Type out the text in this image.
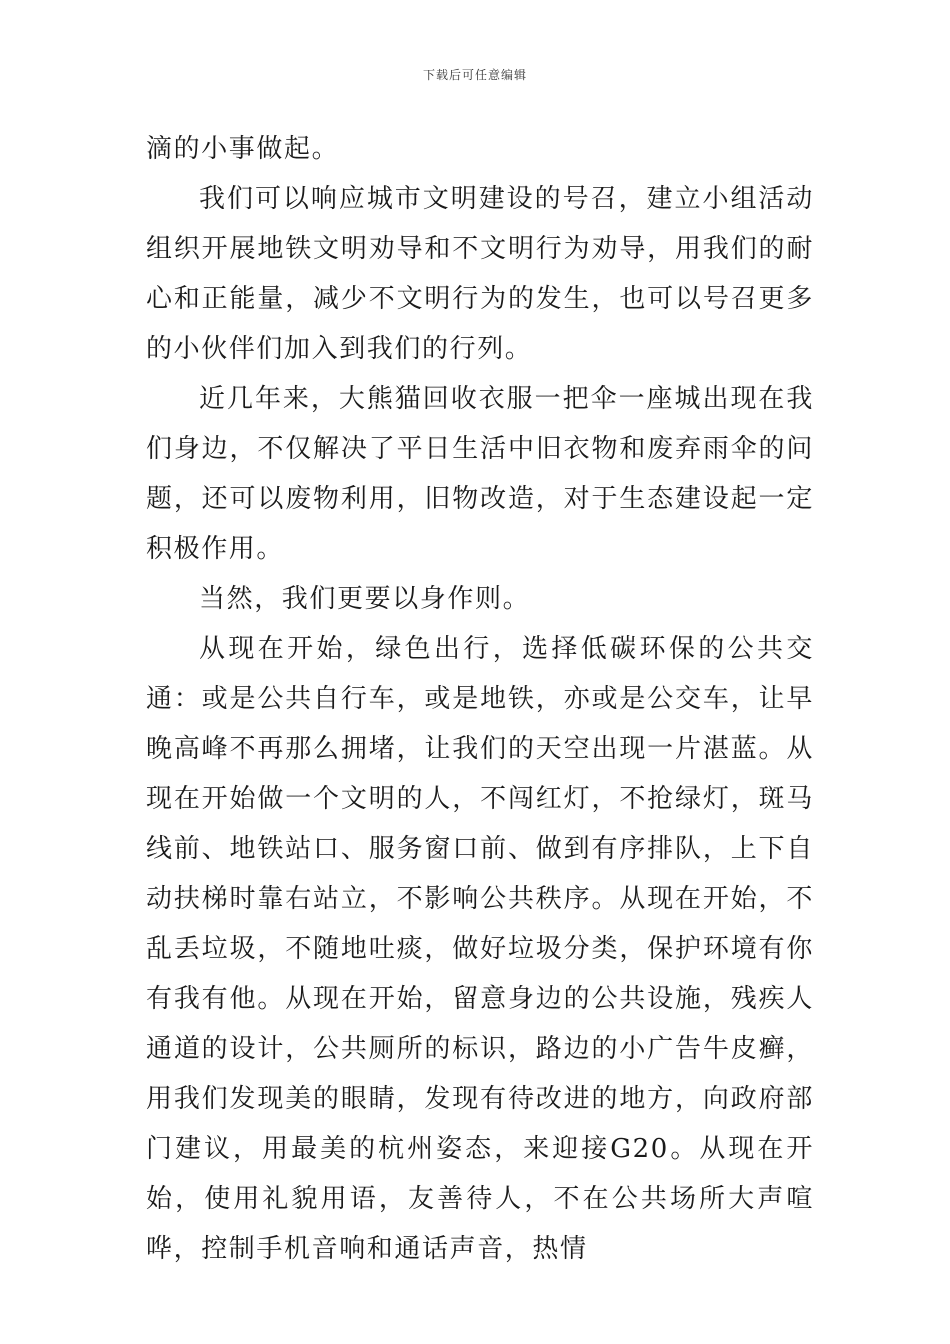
下载后可任意编辑

滴的小事做起。

我们可以响应城市文明建设的号召，建立小组活动组织开展地铁文明劝导和不文明行为劝导，用我们的耐心和正能量，减少不文明行为的发生，也可以号召更多的小伙伴们加入到我们的行列。

近几年来，大熊猫回收衣服一把伞一座城出现在我们身边，不仅解决了平日生活中旧衣物和废弃雨伞的问题，还可以废物利用，旧物改造，对于生态建设起一定积极作用。

当然，我们更要以身作则。

从现在开始，绿色出行，选择低碳环保的公共交通：或是公共自行车，或是地铁，亦或是公交车，让早晚高峰不再那么拥堵，让我们的天空出现一片湛蓝。从现在开始做一个文明的人，不闯红灯，不抢绿灯，斑马线前、地铁站口、服务窗口前、做到有序排队，上下自动扶梯时靠右站立，不影响公共秩序。从现在开始，不乱丢垃圾，不随地吐痰，做好垃圾分类，保护环境有你有我有他。从现在开始，留意身边的公共设施，残疾人通道的设计，公共厕所的标识，路边的小广告牛皮癣，用我们发现美的眼睛，发现有待改进的地方，向政府部门建议，用最美的杭州姿态，来迎接G20。从现在开始，使用礼貌用语，友善待人，不在公共场所大声喧哗，控制手机音响和通话声音，热情
